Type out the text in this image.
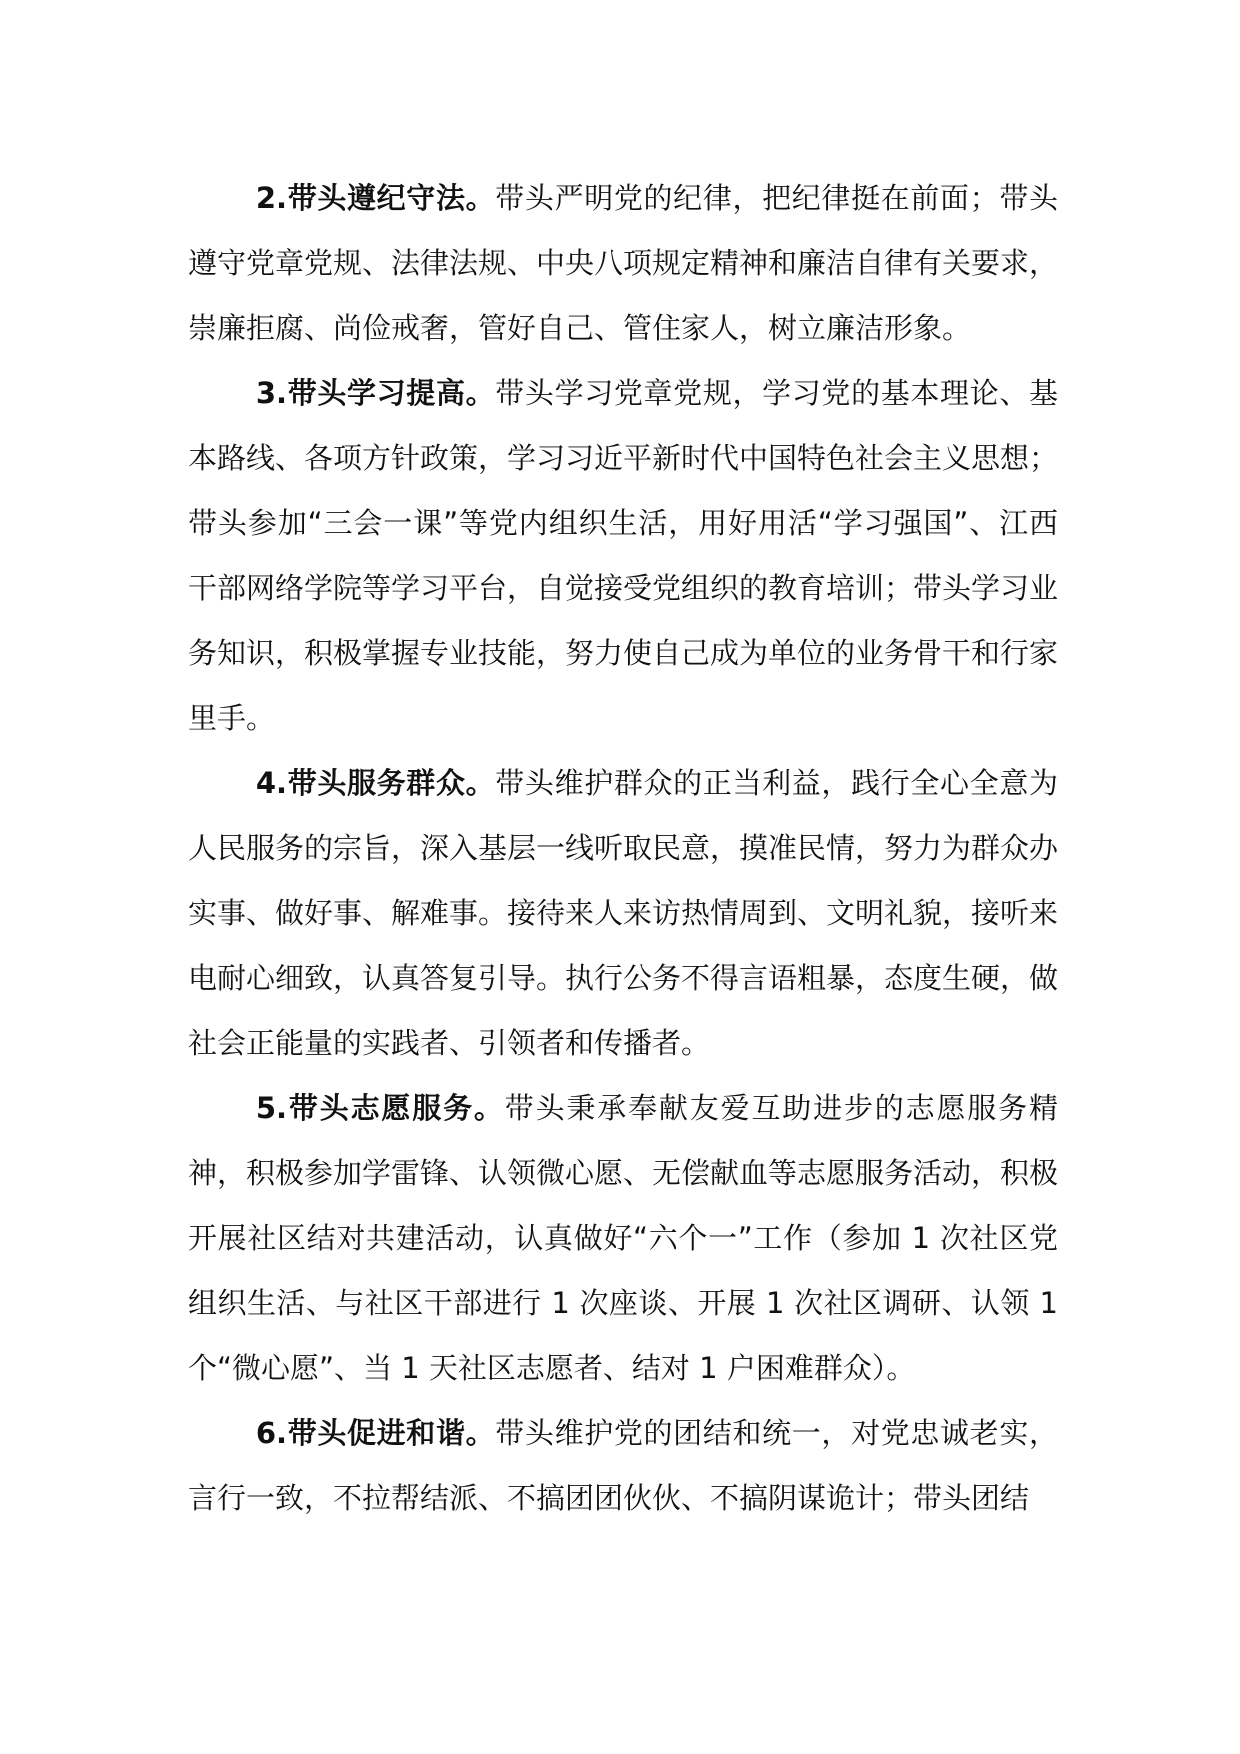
2.带头遵纪守法。带头严明党的纪律，把纪律挺在前面；带头遵守党章党规、法律法规、中央八项规定精神和廉洁自律有关要求，崇廉拒腐、尚俭戒奢，管好自己、管住家人，树立廉洁形象。

3.带头学习提高。带头学习党章党规，学习党的基本理论、基本路线、各项方针政策，学习习近平新时代中国特色社会主义思想；带头参加“三会一课”等党内组织生活，用好用活“学习强国”、江西干部网络学院等学习平台，自觉接受党组织的教育培训；带头学习业务知识，积极掌握专业技能，努力使自己成为单位的业务骨干和行家里手。

4.带头服务群众。带头维护群众的正当利益，践行全心全意为人民服务的宗旨，深入基层一线听取民意，摸准民情，努力为群众办实事、做好事、解难事。接待来人来访热情周到、文明礼貌，接听来电耐心细致，认真答复引导。执行公务不得言语粗暴，态度生硬，做社会正能量的实践者、引领者和传播者。

5.带头志愿服务。带头秉承奉献友爱互助进步的志愿服务精神，积极参加学雷锋、认领微心愿、无偿献血等志愿服务活动，积极开展社区结对共建活动，认真做好“六个一”工作（参加 1 次社区党组织生活、与社区干部进行 1 次座谈、开展 1 次社区调研、认领 1 个“微心愿”、当 1 天社区志愿者、结对 1 户困难群众）。

6.带头促进和谐。带头维护党的团结和统一，对党忠诚老实，言行一致，不拉帮结派、不搞团团伙伙、不搞阴谋诡计；带头团结
